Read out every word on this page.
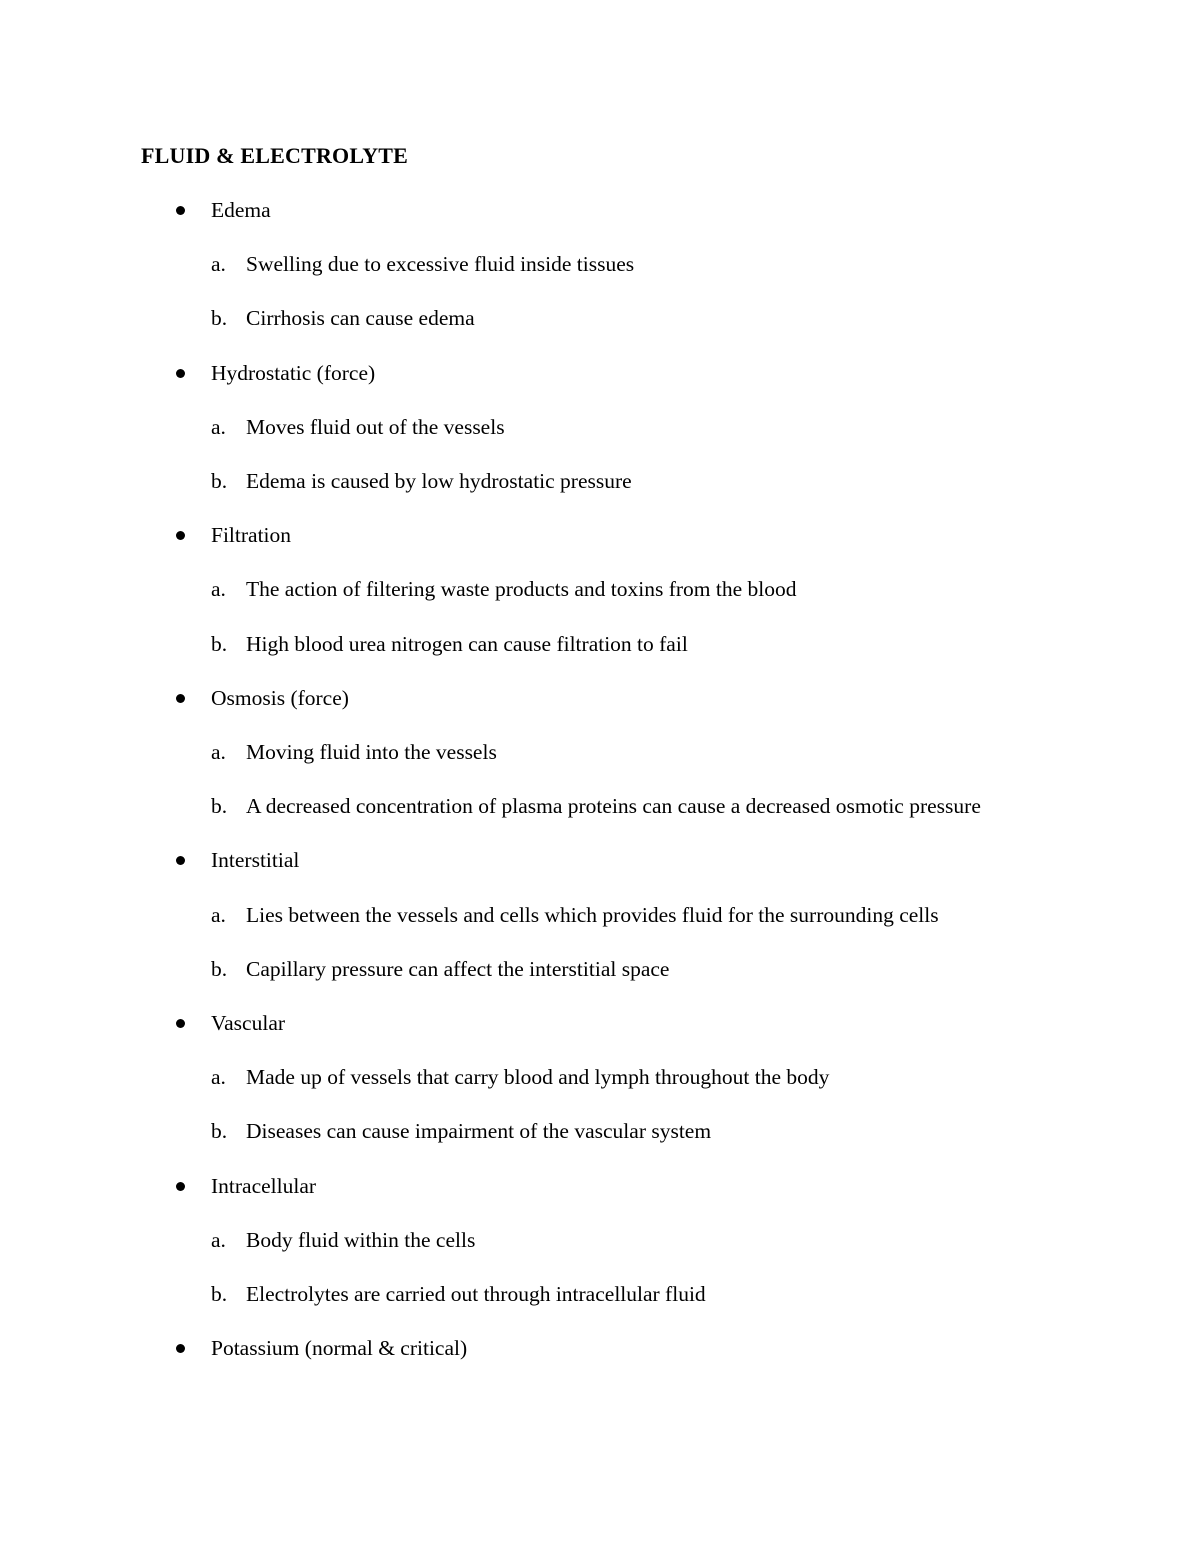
FLUID & ELECTROLYTE
Edema
a. Swelling due to excessive fluid inside tissues
b. Cirrhosis can cause edema
Hydrostatic (force)
a. Moves fluid out of the vessels
b. Edema is caused by low hydrostatic pressure
Filtration
a. The action of filtering waste products and toxins from the blood
b. High blood urea nitrogen can cause filtration to fail
Osmosis (force)
a. Moving fluid into the vessels
b. A decreased concentration of plasma proteins can cause a decreased osmotic pressure
Interstitial
a. Lies between the vessels and cells which provides fluid for the surrounding cells
b. Capillary pressure can affect the interstitial space
Vascular
a. Made up of vessels that carry blood and lymph throughout the body
b. Diseases can cause impairment of the vascular system
Intracellular
a. Body fluid within the cells
b. Electrolytes are carried out through intracellular fluid
Potassium (normal & critical)
